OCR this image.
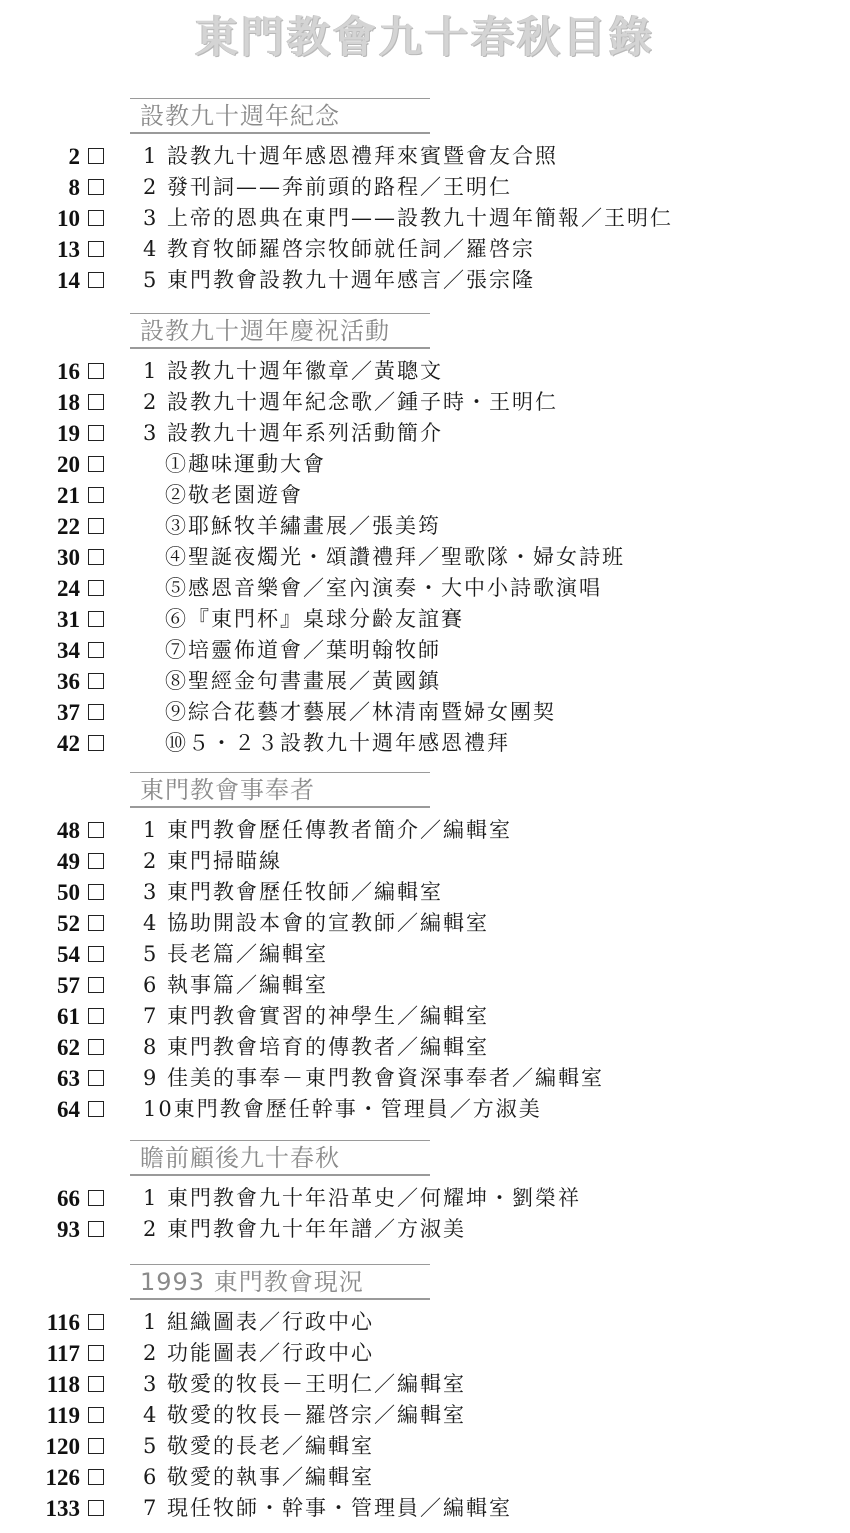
東門教會九十春秋目錄
設教九十週年紀念
2	1 設教九十週年感恩禮拜來賓暨會友合照
8	2 發刊詞——奔前頭的路程／王明仁
10	3 上帝的恩典在東門——設教九十週年簡報／王明仁
13	4 教育牧師羅啓宗牧師就任詞／羅啓宗
14	5 東門教會設教九十週年感言／張宗隆
設教九十週年慶祝活動
16	1 設教九十週年徽章／黃聰文
18	2 設教九十週年紀念歌／鍾子時・王明仁
19	3 設教九十週年系列活動簡介
20	①趣味運動大會
21	②敬老園遊會
22	③耶穌牧羊繡畫展／張美筠
30	④聖誕夜燭光・頌讚禮拜／聖歌隊・婦女詩班
24	⑤感恩音樂會／室內演奏・大中小詩歌演唱
31	⑥『東門杯』桌球分齡友誼賽
34	⑦培靈佈道會／葉明翰牧師
36	⑧聖經金句書畫展／黃國鎮
37	⑨綜合花藝才藝展／林清南暨婦女團契
42	⑩５・２３設教九十週年感恩禮拜
東門教會事奉者
48	1 東門教會歷任傳教者簡介／編輯室
49	2 東門掃瞄線
50	3 東門教會歷任牧師／編輯室
52	4 協助開設本會的宣教師／編輯室
54	5 長老篇／編輯室
57	6 執事篇／編輯室
61	7 東門教會實習的神學生／編輯室
62	8 東門教會培育的傳教者／編輯室
63	9 佳美的事奉－東門教會資深事奉者／編輯室
64	10東門教會歷任幹事・管理員／方淑美
瞻前顧後九十春秋
66	1 東門教會九十年沿革史／何耀坤・劉榮祥
93	2 東門教會九十年年譜／方淑美
1993 東門教會現況
116	1 組織圖表／行政中心
117	2 功能圖表／行政中心
118	3 敬愛的牧長－王明仁／編輯室
119	4 敬愛的牧長－羅啓宗／編輯室
120	5 敬愛的長老／編輯室
126	6 敬愛的執事／編輯室
133	7 現任牧師・幹事・管理員／編輯室
